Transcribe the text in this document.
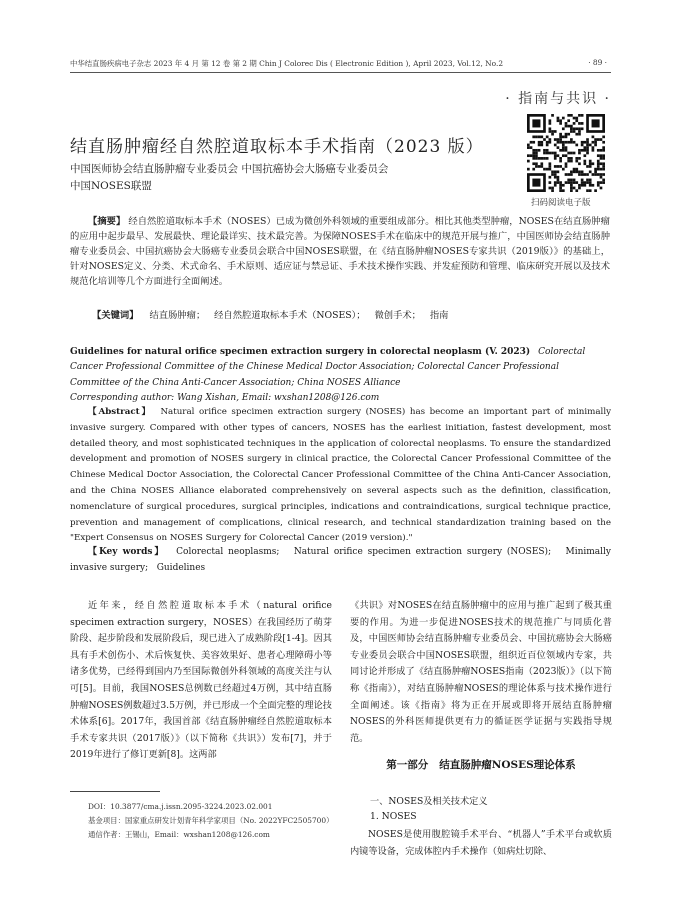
中华结直肠疾病电子杂志 2023 年 4 月 第 12 卷 第 2 期 Chin J Colorec Dis ( Electronic Edition ), April 2023, Vol.12, No.2	· 89 ·
· 指南与共识 ·
结直肠肿瘤经自然腔道取标本手术指南（2023 版）
中国医师协会结直肠肿瘤专业委员会 中国抗癌协会大肠癌专业委员会
中国NOSES联盟
扫码阅读电子版
【摘要】 经自然腔道取标本手术（NOSES）已成为微创外科领域的重要组成部分。相比其他类型肿瘤，NOSES在结直肠肿瘤的应用中起步最早、发展最快、理论最详实、技术最完善。为保障NOSES手术在临床中的规范开展与推广，中国医师协会结直肠肿瘤专业委员会、中国抗癌协会大肠癌专业委员会联合中国NOSES联盟，在《结直肠肿瘤NOSES专家共识（2019版）》的基础上，针对NOSES定义、分类、术式命名、手术原则、适应证与禁忌证、手术技术操作实践、并发症预防和管理、临床研究开展以及技术规范化培训等几个方面进行全面阐述。
【关键词】 结直肠肿瘤；   经自然腔道取标本手术（NOSES）；   微创手术；   指南
Guidelines for natural orifice specimen extraction surgery in colorectal neoplasm (V. 2023) Colorectal Cancer Professional Committee of the Chinese Medical Doctor Association; Colorectal Cancer Professional Committee of the China Anti-Cancer Association; China NOSES Alliance
Corresponding author: Wang Xishan, Email: wxshan1208@126.com
【Abstract】 Natural orifice specimen extraction surgery (NOSES) has become an important part of minimally invasive surgery. Compared with other types of cancers, NOSES has the earliest initiation, fastest development, most detailed theory, and most sophisticated techniques in the application of colorectal neoplasms. To ensure the standardized development and promotion of NOSES surgery in clinical practice, the Colorectal Cancer Professional Committee of the Chinese Medical Doctor Association, the Colorectal Cancer Professional Committee of the China Anti-Cancer Association, and the China NOSES Alliance elaborated comprehensively on several aspects such as the definition, classification, nomenclature of surgical procedures, surgical principles, indications and contraindications, surgical technique practice, prevention and management of complications, clinical research, and technical standardization training based on the "Expert Consensus on NOSES Surgery for Colorectal Cancer (2019 version)."
【Key words】 Colorectal neoplasms;   Natural orifice specimen extraction surgery (NOSES);   Minimally invasive surgery;   Guidelines
近年来，经自然腔道取标本手术（natural orifice specimen extraction surgery，NOSES）在我国经历了萌芽阶段、起步阶段和发展阶段后，现已进入了成熟阶段[1-4]。因其具有手术创伤小、术后恢复快、美容效果好、患者心理障碍小等诸多优势，已经得到国内乃至国际微创外科领域的高度关注与认可[5]。目前，我国NOSES总例数已经超过4万例，其中结直肠肿瘤NOSES例数超过3.5万例，并已形成一个全面完整的理论技术体系[6]。2017年，我国首部《结直肠肿瘤经自然腔道取标本手术专家共识（2017版）》（以下简称《共识》）发布[7]，并于2019年进行了修订更新[8]。这两部
《共识》对NOSES在结直肠肿瘤中的应用与推广起到了极其重要的作用。为进一步促进NOSES技术的规范推广与同质化普及，中国医师协会结直肠肿瘤专业委员会、中国抗癌协会大肠癌专业委员会联合中国NOSES联盟，组织近百位领域内专家，共同讨论并形成了《结直肠肿瘤NOSES指南（2023版）》（以下简称《指南》），对结直肠肿瘤NOSES的理论体系与技术操作进行全面阐述。该《指南》将为正在开展或即将开展结直肠肿瘤NOSES的外科医师提供更有力的循证医学证据与实践指导规范。
第一部分   结直肠肿瘤NOSES理论体系
一、NOSES及相关技术定义
1. NOSES
NOSES是使用腹腔镜手术平台、“机器人”手术平台或软质内镜等设备，完成体腔内手术操作（如病灶切除、
DOI：10.3877/cma.j.issn.2095-3224.2023.02.001
基金项目：国家重点研发计划青年科学家项目（No. 2022YFC2505700）
通信作者：王锡山，Email：wxshan1208@126.com
